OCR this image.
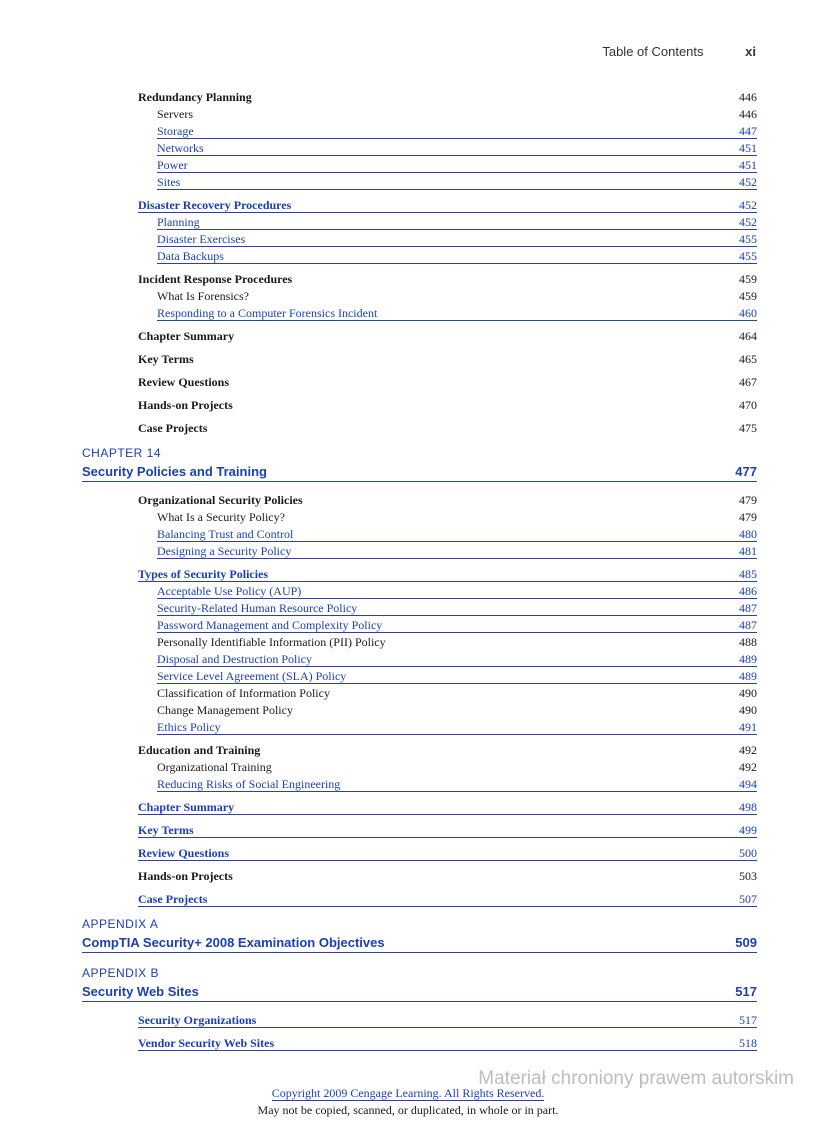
Table of Contents	xi
Redundancy Planning	446
Servers	446
Storage	447
Networks	451
Power	451
Sites	452
Disaster Recovery Procedures	452
Planning	452
Disaster Exercises	455
Data Backups	455
Incident Response Procedures	459
What Is Forensics?	459
Responding to a Computer Forensics Incident	460
Chapter Summary	464
Key Terms	465
Review Questions	467
Hands-on Projects	470
Case Projects	475
CHAPTER 14
Security Policies and Training	477
Organizational Security Policies	479
What Is a Security Policy?	479
Balancing Trust and Control	480
Designing a Security Policy	481
Types of Security Policies	485
Acceptable Use Policy (AUP)	486
Security-Related Human Resource Policy	487
Password Management and Complexity Policy	487
Personally Identifiable Information (PII) Policy	488
Disposal and Destruction Policy	489
Service Level Agreement (SLA) Policy	489
Classification of Information Policy	490
Change Management Policy	490
Ethics Policy	491
Education and Training	492
Organizational Training	492
Reducing Risks of Social Engineering	494
Chapter Summary	498
Key Terms	499
Review Questions	500
Hands-on Projects	503
Case Projects	507
APPENDIX A
CompTIA Security+ 2008 Examination Objectives	509
APPENDIX B
Security Web Sites	517
Security Organizations	517
Vendor Security Web Sites	518
Materiał chroniony prawem autorskim
Copyright 2009 Cengage Learning. All Rights Reserved.
May not be copied, scanned, or duplicated, in whole or in part.
